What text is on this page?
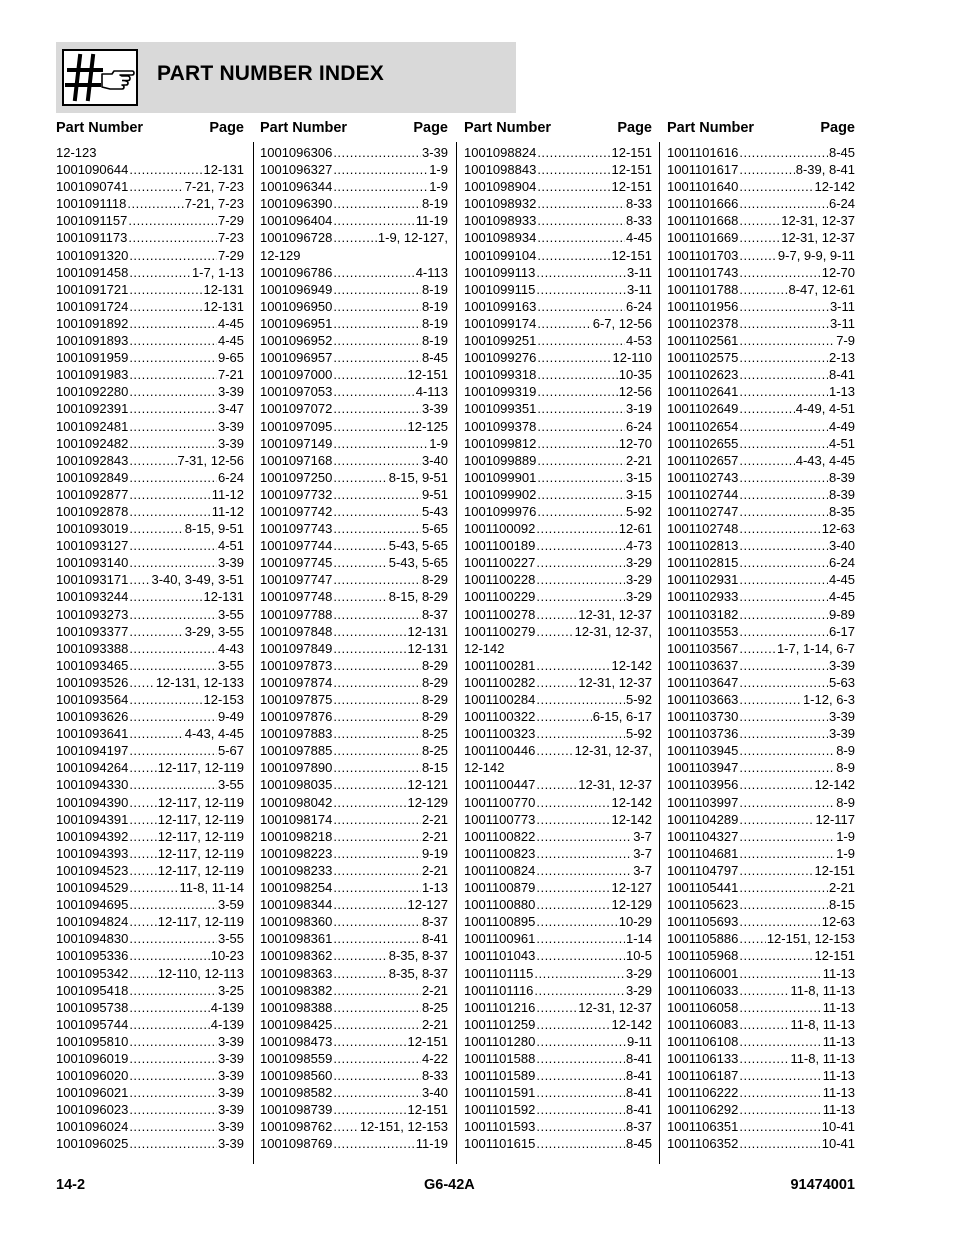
PART NUMBER INDEX
Part Number	Page
12-123
1001090644 .....	12-131
1001090741 .....	7-21, 7-23
1001091118 .....	7-21, 7-23
1001091157 .....	7-29
1001091173 .....	7-23
1001091320 .....	7-29
1001091458 .....	1-7, 1-13
1001091721 .....	12-131
1001091724 .....	12-131
1001091892 .....	4-45
1001091893 .....	4-45
1001091959 .....	9-65
1001091983 .....	7-21
1001092280 .....	3-39
1001092391 .....	3-47
1001092481 .....	3-39
1001092482 .....	3-39
1001092843 .....	7-31, 12-56
1001092849 .....	6-24
1001092877 .....	11-12
1001092878 .....	11-12
1001093019 .....	8-15, 9-51
1001093127 .....	4-51
1001093140 .....	3-39
1001093171 ..... 3-40, 3-49, 3-51
1001093244 .....	12-131
1001093273 .....	3-55
1001093377 .....	3-29, 3-55
1001093388 .....	4-43
1001093465 .....	3-55
1001093526 ..... 12-131, 12-133
1001093564 .....	12-153
1001093626 .....	9-49
1001093641 .....	4-43, 4-45
1001094197 .....	5-67
1001094264 ..... 12-117, 12-119
1001094330 .....	3-55
1001094390 ..... 12-117, 12-119
1001094391 ..... 12-117, 12-119
1001094392 ..... 12-117, 12-119
1001094393 ..... 12-117, 12-119
1001094523 ..... 12-117, 12-119
1001094529 .....	11-8, 11-14
1001094695 .....	3-59
1001094824 ..... 12-117, 12-119
1001094830 .....	3-55
1001095336 .....	10-23
1001095342 ..... 12-110, 12-113
1001095418 .....	3-25
1001095738 .....	4-139
1001095744 .....	4-139
1001095810 .....	3-39
1001096019 .....	3-39
1001096020 .....	3-39
1001096021 .....	3-39
1001096023 .....	3-39
1001096024 .....	3-39
1001096025 .....	3-39
Part Number	Page
1001096306 .....	3-39
1001096327 .....	1-9
1001096344 .....	1-9
1001096390 .....	8-19
1001096404 .....	11-19
1001096728 .....	1-9, 12-127,
12-129
1001096786 .....	4-113
1001096949 .....	8-19
1001096950 .....	8-19
1001096951 .....	8-19
1001096952 .....	8-19
1001096957 .....	8-45
1001097000 .....	12-151
1001097053 .....	4-113
1001097072 .....	3-39
1001097095 .....	12-125
1001097149 .....	1-9
1001097168 .....	3-40
1001097250 .....	8-15, 9-51
1001097732 .....	9-51
1001097742 .....	5-43
1001097743 .....	5-65
1001097744 .....	5-43, 5-65
1001097745 .....	5-43, 5-65
1001097747 .....	8-29
1001097748 .....	8-15, 8-29
1001097788 .....	8-37
1001097848 .....	12-131
1001097849 .....	12-131
1001097873 .....	8-29
1001097874 .....	8-29
1001097875 .....	8-29
1001097876 .....	8-29
1001097883 .....	8-25
1001097885 .....	8-25
1001097890 .....	8-15
1001098035 .....	12-121
1001098042 .....	12-129
1001098174 .....	2-21
1001098218 .....	2-21
1001098223 .....	9-19
1001098233 .....	2-21
1001098254 .....	1-13
1001098344 .....	12-127
1001098360 .....	8-37
1001098361 .....	8-41
1001098362 .....	8-35, 8-37
1001098363 .....	8-35, 8-37
1001098382 .....	2-21
1001098388 .....	8-25
1001098425 .....	2-21
1001098473 .....	12-151
1001098559 .....	4-22
1001098560 .....	8-33
1001098582 .....	3-40
1001098739 .....	12-151
1001098762 ..... 12-151, 12-153
1001098769 .....	11-19
Part Number	Page
1001098824 .....	12-151
1001098843 .....	12-151
1001098904 .....	12-151
1001098932 .....	8-33
1001098933 .....	8-33
1001098934 .....	4-45
1001099104 .....	12-151
1001099113 .....	3-11
1001099115 .....	3-11
1001099163 .....	6-24
1001099174 .....	6-7, 12-56
1001099251 .....	4-53
1001099276 .....	12-110
1001099318 .....	10-35
1001099319 .....	12-56
1001099351 .....	3-19
1001099378 .....	6-24
1001099812 .....	12-70
1001099889 .....	2-21
1001099901 .....	3-15
1001099902 .....	3-15
1001099976 .....	5-92
1001100092 .....	12-61
1001100189 .....	4-73
1001100227 .....	3-29
1001100228 .....	3-29
1001100229 .....	3-29
1001100278 .....	12-31, 12-37
1001100279 .....	12-31, 12-37,
12-142
1001100281 .....	12-142
1001100282 .....	12-31, 12-37
1001100284 .....	5-92
1001100322 .....	6-15, 6-17
1001100323 .....	5-92
1001100446 .....	12-31, 12-37,
12-142
1001100447 .....	12-31, 12-37
1001100770 .....	12-142
1001100773 .....	12-142
1001100822 .....	3-7
1001100823 .....	3-7
1001100824 .....	3-7
1001100879 .....	12-127
1001100880 .....	12-129
1001100895 .....	10-29
1001100961 .....	1-14
1001101043 .....	10-5
1001101115 .....	3-29
1001101116 .....	3-29
1001101216 .....	12-31, 12-37
1001101259 .....	12-142
1001101280 .....	9-11
1001101588 .....	8-41
1001101589 .....	8-41
1001101591 .....	8-41
1001101592 .....	8-41
1001101593 .....	8-37
1001101615 .....	8-45
Part Number	Page
1001101616 .....	8-45
1001101617 .....	8-39, 8-41
1001101640 .....	12-142
1001101666 .....	6-24
1001101668 .....	12-31, 12-37
1001101669 .....	12-31, 12-37
1001101703 .....	9-7, 9-9, 9-11
1001101743 .....	12-70
1001101788 .....	8-47, 12-61
1001101956 .....	3-11
1001102378 .....	3-11
1001102561 .....	7-9
1001102575 .....	2-13
1001102623 .....	8-41
1001102641 .....	1-13
1001102649 .....	4-49, 4-51
1001102654 .....	4-49
1001102655 .....	4-51
1001102657 .....	4-43, 4-45
1001102743 .....	8-39
1001102744 .....	8-39
1001102747 .....	8-35
1001102748 .....	12-63
1001102813 .....	3-40
1001102815 .....	6-24
1001102931 .....	4-45
1001102933 .....	4-45
1001103182 .....	9-89
1001103553 .....	6-17
1001103567 .....	1-7, 1-14, 6-7
1001103637 .....	3-39
1001103647 .....	5-63
1001103663 .....	1-12, 6-3
1001103730 .....	3-39
1001103736 .....	3-39
1001103945 .....	8-9
1001103947 .....	8-9
1001103956 .....	12-142
1001103997 .....	8-9
1001104289 .....	12-117
1001104327 .....	1-9
1001104681 .....	1-9
1001104797 .....	12-151
1001105441 .....	2-21
1001105623 .....	8-15
1001105693 .....	12-63
1001105886 ..... 12-151, 12-153
1001105968 .....	12-151
1001106001 .....	11-13
1001106033 .....	11-8, 11-13
1001106058 .....	11-13
1001106083 .....	11-8, 11-13
1001106108 .....	11-13
1001106133 .....	11-8, 11-13
1001106187 .....	11-13
1001106222 .....	11-13
1001106292 .....	11-13
1001106351 .....	10-41
1001106352 .....	10-41
14-2	G6-42A	91474001
